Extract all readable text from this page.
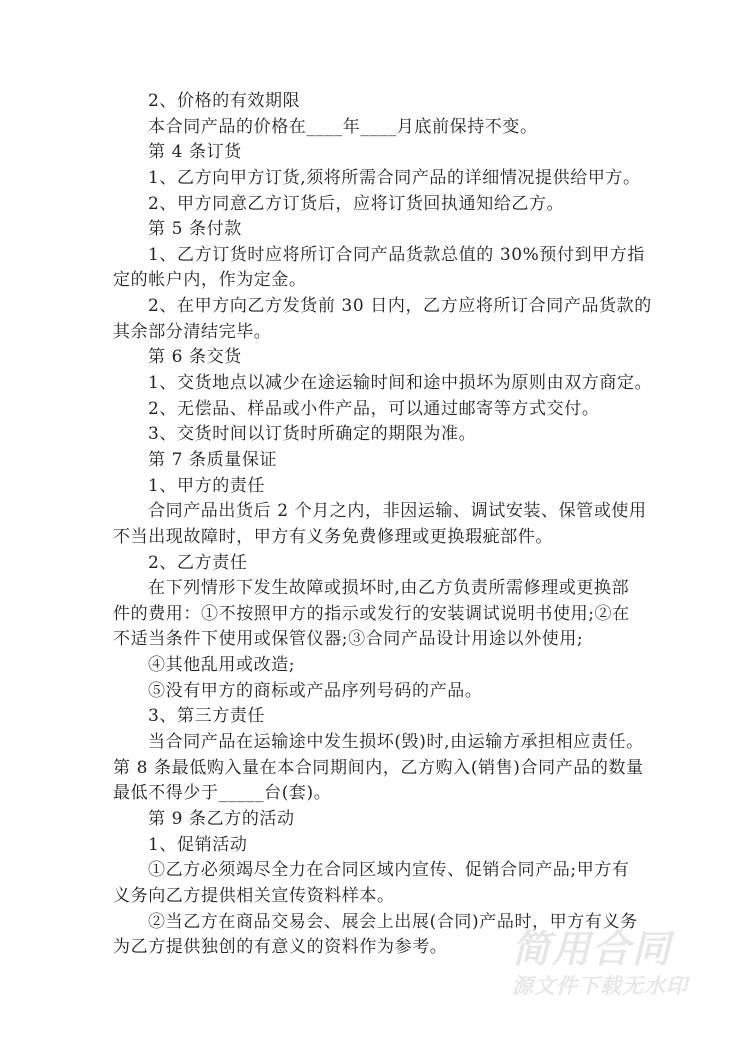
2、价格的有效期限
本合同产品的价格在____年____月底前保持不变。
第 4 条订货
1、乙方向甲方订货,须将所需合同产品的详细情况提供给甲方。
2、甲方同意乙方订货后，应将订货回执通知给乙方。
第 5 条付款
1、乙方订货时应将所订合同产品货款总值的 30%预付到甲方指
定的帐户内，作为定金。
2、在甲方向乙方发货前 30 日内，乙方应将所订合同产品货款的
其余部分清结完毕。
第 6 条交货
1、交货地点以减少在途运输时间和途中损坏为原则由双方商定。
2、无偿品、样品或小件产品，可以通过邮寄等方式交付。
3、交货时间以订货时所确定的期限为准。
第 7 条质量保证
1、甲方的责任
合同产品出货后 2 个月之内，非因运输、调试安装、保管或使用
不当出现故障时，甲方有义务免费修理或更换瑕疵部件。
2、乙方责任
在下列情形下发生故障或损坏时,由乙方负责所需修理或更换部
件的费用：①不按照甲方的指示或发行的安装调试说明书使用;②在
不适当条件下使用或保管仪器;③合同产品设计用途以外使用;
④其他乱用或改造;
⑤没有甲方的商标或产品序列号码的产品。
3、第三方责任
当合同产品在运输途中发生损坏(毁)时,由运输方承担相应责任。
第 8 条最低购入量在本合同期间内，乙方购入(销售)合同产品的数量
最低不得少于_____台(套)。
第 9 条乙方的活动
1、促销活动
①乙方必须竭尽全力在合同区域内宣传、促销合同产品;甲方有
义务向乙方提供相关宣传资料样本。
②当乙方在商品交易会、展会上出展(合同)产品时，甲方有义务
为乙方提供独创的有意义的资料作为参考。	简用合同
源文件下载无水印
